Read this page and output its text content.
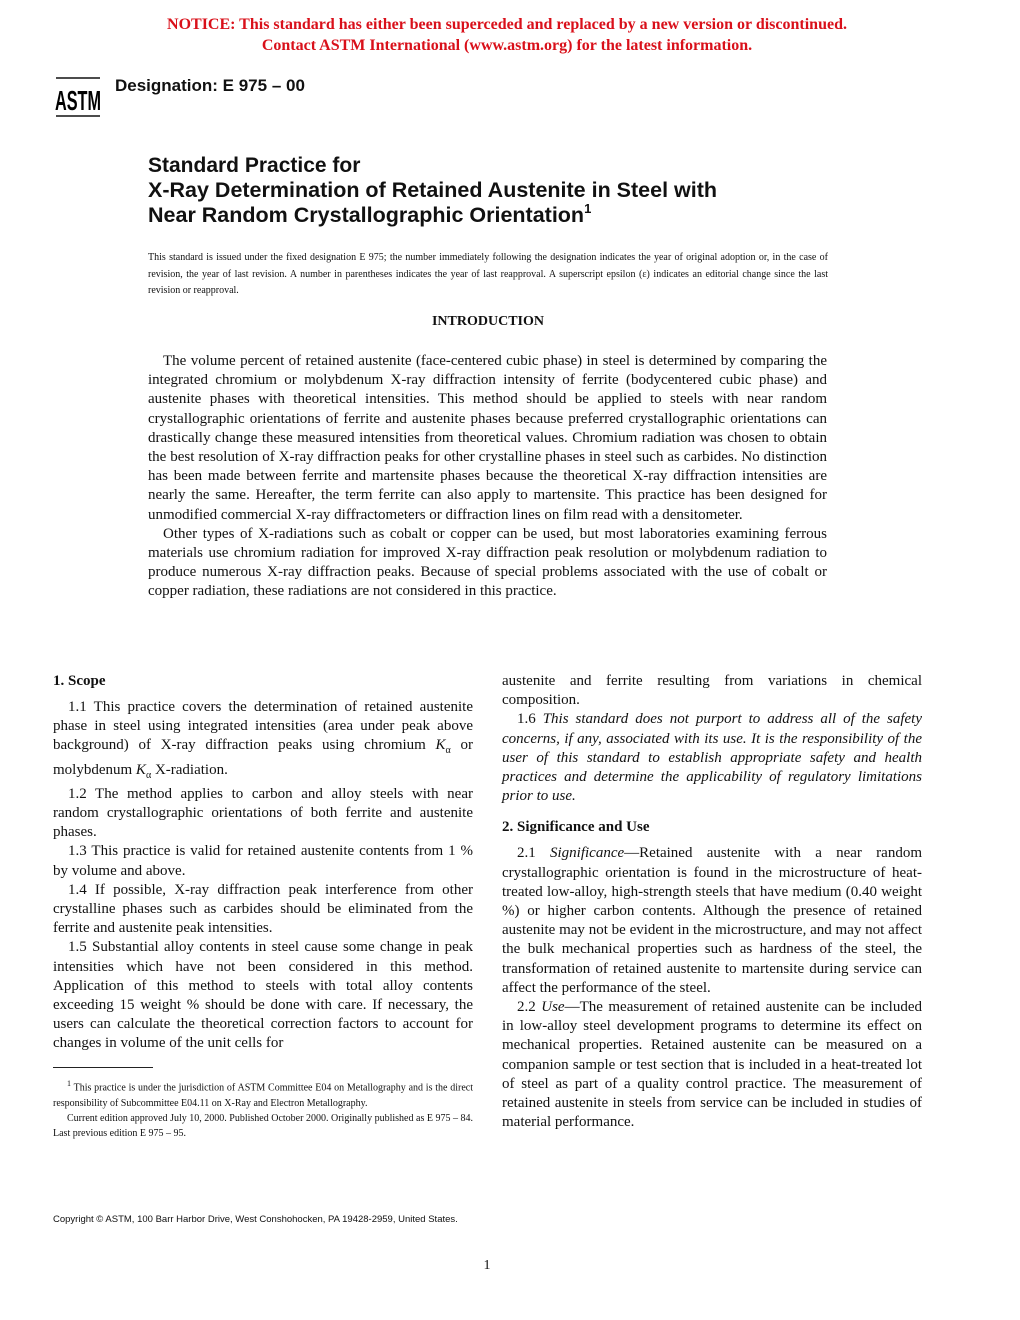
NOTICE: This standard has either been superceded and replaced by a new version or discontinued.
Contact ASTM International (www.astm.org) for the latest information.
ASTM Designation: E 975 – 00
Standard Practice for
X-Ray Determination of Retained Austenite in Steel with
Near Random Crystallographic Orientation$^1$
This standard is issued under the fixed designation E 975; the number immediately following the designation indicates the year of original adoption or, in the case of revision, the year of last revision. A number in parentheses indicates the year of last reapproval. A superscript epsilon (ε) indicates an editorial change since the last revision or reapproval.
INTRODUCTION

The volume percent of retained austenite (face-centered cubic phase) in steel is determined by comparing the integrated chromium or molybdenum X-ray diffraction intensity of ferrite (bodycentered cubic phase) and austenite phases with theoretical intensities. This method should be applied to steels with near random crystallographic orientations of ferrite and austenite phases because preferred crystallographic orientations can drastically change these measured intensities from theoretical values. Chromium radiation was chosen to obtain the best resolution of X-ray diffraction peaks for other crystalline phases in steel such as carbides. No distinction has been made between ferrite and martensite phases because the theoretical X-ray diffraction intensities are nearly the same. Hereafter, the term ferrite can also apply to martensite. This practice has been designed for unmodified commercial X-ray diffractometers or diffraction lines on film read with a densitometer.

Other types of X-radiations such as cobalt or copper can be used, but most laboratories examining ferrous materials use chromium radiation for improved X-ray diffraction peak resolution or molybdenum radiation to produce numerous X-ray diffraction peaks. Because of special problems associated with the use of cobalt or copper radiation, these radiations are not considered in this practice.

1. Scope

1.1 This practice covers the determination of retained austenite phase in steel using integrated intensities (area under peak above background) of X-ray diffraction peaks using chromium $K_\alpha$ or molybdenum $K_\alpha$ X-radiation.

1.2 The method applies to carbon and alloy steels with near random crystallographic orientations of both ferrite and austenite phases.

1.3 This practice is valid for retained austenite contents from 1 % by volume and above.

1.4 If possible, X-ray diffraction peak interference from other crystalline phases such as carbides should be eliminated from the ferrite and austenite peak intensities.

1.5 Substantial alloy contents in steel cause some change in peak intensities which have not been considered in this method. Application of this method to steels with total alloy contents exceeding 15 weight % should be done with care. If necessary, the users can calculate the theoretical correction factors to account for changes in volume of the unit cells for

austenite and ferrite resulting from variations in chemical composition.

1.6 This standard does not purport to address all of the safety concerns, if any, associated with its use. It is the responsibility of the user of this standard to establish appropriate safety and health practices and determine the applicability of regulatory limitations prior to use.

2. Significance and Use

2.1 Significance—Retained austenite with a near random crystallographic orientation is found in the microstructure of heat-treated low-alloy, high-strength steels that have medium (0.40 weight %) or higher carbon contents. Although the presence of retained austenite may not be evident in the microstructure, and may not affect the bulk mechanical properties such as hardness of the steel, the transformation of retained austenite to martensite during service can affect the performance of the steel.

2.2 Use—The measurement of retained austenite can be included in low-alloy steel development programs to determine its effect on mechanical properties. Retained austenite can be measured on a companion sample or test section that is included in a heat-treated lot of steel as part of a quality control practice. The measurement of retained austenite in steels from service can be included in studies of material performance.

$^1$ This practice is under the jurisdiction of ASTM Committee E04 on Metallography and is the direct responsibility of Subcommittee E04.11 on X-Ray and Electron Metallography.

Current edition approved July 10, 2000. Published October 2000. Originally published as E 975 – 84. Last previous edition E 975 – 95.

Copyright © ASTM, 100 Barr Harbor Drive, West Conshohocken, PA 19428-2959, United States.
1
